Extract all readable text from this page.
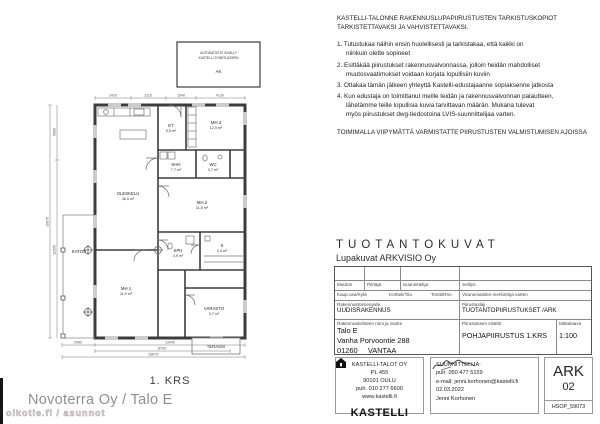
AUTOKATOS EI SISÄLLY
KASTELLI-TOIMITUKSEEN
AK
OLESKELU
46,5 m²
ET
5,5 m²
MH 3
12,0 m²
KHH
7,7 m²
WC
3,7 m²
MH 2
11,5 m²
MH 1
11,9 m²
KPH
4,9 m²
S
3,4 m²
VARASTO
3,7 m²
KATOS
TERASSI
2080	13440
8700
16675
16675
5080
11595
2410	3110	1540	4130
1. KRS
KASTELLI-TALONNE RAKENNUSLUPAPIIRUSTUSTEN TARKISTUSKOPIOT
TARKISTETTAVAKSI JA VAHVISTETTAVAKSI.
1. Tutustukaa näihin ensin huolellisesti ja tarkistakaa, että kaikki on
niinkuin olette sopineet
2. Esittäkää piirustukset rakennusvalvonnassa, jolloin heidän mahdolliset
muutosvaatimukset voidaan korjata lopullisiin kuviin
3. Ottakaa tämän jälkeen yhteyttä Kastelli-edustajaanne sopiaksenne jatkosta
4. Kun edustaja on toimittanut meille teidän ja rakennusvalvonnan palautteen,
lähetämme teille lopullisia kuvia tarvittavan määrän. Mukana tulevat
myös piirustukset dwg-tiedostoina LVIS-suunnittelijaa varten.
TOIMIMALLA VIIPYMÄTTÄ VARMISTATTE PIIRUSTUSTEN VALMISTUMISEN AJOISSA
TUOTANTOKUVAT
Lupakuvat ARKVISIO Oy
Muutos	Piirtäjä	Suunnittelija	Selitys
Kaup.osa/Kylä	Kortteli/Tila	Tontti/Rno	Viranomaisten merkintöjä varten
Rakennustoimenpide
UUDISRAKENNUS
Piirustuslaji
TUOTANTOPIIRUSTUKSET /ARK
Rakennuskohteen nimi ja osoite
Talo E
Vanha Porvoontie 288
01260 VANTAA
Piirustuksen sisältö
POHJAPIIRUSTUS 1.KRS
Mittakaava
1:100
KASTELLI-TALOT OY
PL 455
90101 OULU
puh. 010 277 6600
www.kastelli.fi
KASTELLI
SUUNNITTELIJA:
puh. 050 477 5159
e-mail: jenni.korhonen@kastelli.fi
02.03.2022
Jenni Korhonen
ARK
02
HSOP_59073
Novoterra Oy / Talo E
oikotie.fi / asunnot
